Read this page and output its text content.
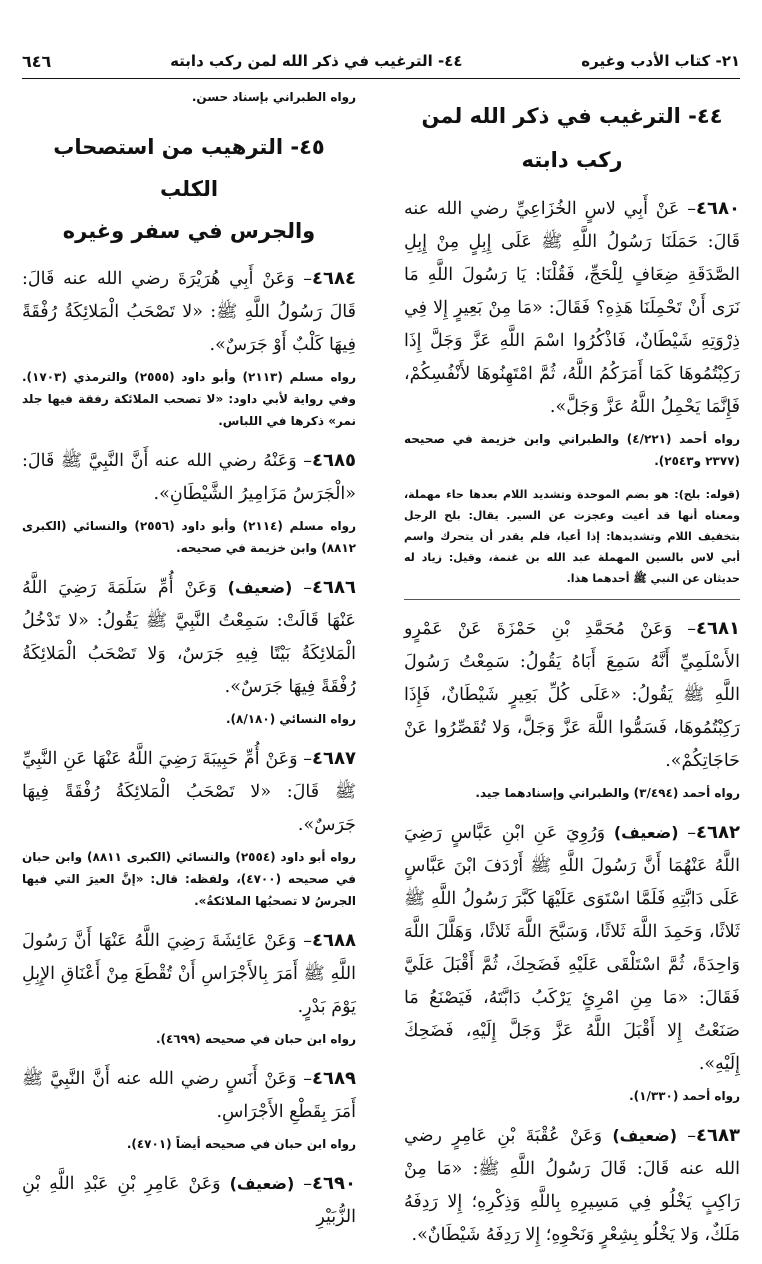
٢١- كتاب الأدب وغيره
٤٤- الترغيب في ذكر الله لمن ركب دابته
٦٤٦
٤٤- الترغيب في ذكر الله لمن ركب دابته

٤٦٨٠– عَنْ أَبِي لاسٍ الخُزَاعِيِّ رضي الله عنه قَالَ: حَمَلَنَا رَسُولُ اللَّهِ ﷺ عَلَى إِبِلٍ مِنْ إِبِلِ الصَّدَقَةِ ضِعَافٍ لِلْحَجِّ، فَقُلْنَا: يَا رَسُولَ اللَّهِ مَا نَرَى أَنْ تَحْمِلَنَا هَذِهِ؟ فَقَالَ: «مَا مِنْ بَعِيرٍ إِلا فِي ذِرْوَتِهِ شَيْطَانٌ، فَاذْكُرُوا اسْمَ اللَّهِ عَزَّ وَجَلَّ إِذَا رَكِبْتُمُوهَا كَمَا أَمَرَكُمُ اللَّهُ، ثُمَّ امْتَهِنُوهَا لأَنْفُسِكُمْ، فَإِنَّمَا يَحْمِلُ اللَّهُ عَزَّ وَجَلَّ».

رواه أحمد (٤/٢٢١) والطبراني وابن خزيمة في صحيحه (٢٣٧٧ و٢٥٤٣).

(قوله: بلح): هو بضم الموحدة وتشديد اللام بعدها حاء مهملة، ومعناه أنها قد أعيت وعجزت عن السير. يقال: بلح الرجل بتخفيف اللام وتشديدها: إذا أعيا، فلم يقدر أن يتحرك واسم أبي لاس بالسين المهملة عبد الله بن غنمة، وقيل: زياد له حديثان عن النبي ﷺ أحدهما هذا.

٤٦٨١– وَعَنْ مُحَمَّدِ بْنِ حَمْزَةَ عَنْ عَمْرٍو الأَسْلَمِيِّ أَنَّهُ سَمِعَ أَبَاهُ يَقُولُ: سَمِعْتُ رَسُولَ اللَّهِ ﷺ يَقُولُ: «عَلَى كُلِّ بَعِيرٍ شَيْطَانٌ، فَإِذَا رَكِبْتُمُوهَا، فَسَمُّوا اللَّهَ عَزَّ وَجَلَّ، وَلا تُقَصِّرُوا عَنْ حَاجَاتِكُمْ».

رواه أحمد (٣/٤٩٤) والطبراني وإسنادهما جيد.

٤٦٨٢– (ضعيف) وَرُوِيَ عَنِ ابْنِ عَبَّاسٍ رَضِيَ اللَّهُ عَنْهُمَا أَنَّ رَسُولَ اللَّهِ ﷺ أَرْدَفَ ابْنَ عَبَّاسٍ عَلَى دَابَّتِهِ فَلَمَّا اسْتَوَى عَلَيْهَا كَبَّرَ رَسُولُ اللَّهِ ﷺ ثَلاثًا، وَحَمِدَ اللَّهَ ثَلاثًا، وَسَبَّحَ اللَّهَ ثَلاثًا، وَهَلَّلَ اللَّهَ وَاحِدَةً، ثُمَّ اسْتَلْقَى عَلَيْهِ فَضَحِكَ، ثُمَّ أَقْبَلَ عَلَيَّ فَقَالَ: «مَا مِنِ امْرِئٍ يَرْكَبُ دَابَّتَهُ، فَيَصْنَعُ مَا صَنَعْتُ إِلا أَقْبَلَ اللَّهُ عَزَّ وَجَلَّ إِلَيْهِ، فَضَحِكَ إِلَيْهِ».

رواه أحمد (١/٣٣٠).

٤٦٨٣– (ضعيف) وَعَنْ عُقْبَةَ بْنِ عَامِرٍ رضي الله عنه قَالَ: قَالَ رَسُولُ اللَّهِ ﷺ: «مَا مِنْ رَاكِبٍ يَخْلُو فِي مَسِيرِهِ بِاللَّهِ وَذِكْرِهِ؛ إِلا رَدِفَهُ مَلَكٌ، وَلا يَخْلُو بِشِعْرٍ وَنَحْوِهِ؛ إِلا رَدِفَهُ شَيْطَانٌ».

رواه الطبراني بإسناد حسن.

٤٥- الترهيب من استصحاب الكلب
والجرس في سفر وغيره

٤٦٨٤– وَعَنْ أَبِي هُرَيْرَةَ رضي الله عنه قَالَ: قَالَ رَسُولُ اللَّهِ ﷺ: «لا تَصْحَبُ الْمَلائِكَةُ رُفْقَةً فِيهَا كَلْبٌ أَوْ جَرَسٌ».

رواه مسلم (٢١١٣) وأبو داود (٢٥٥٥) والترمذي (١٧٠٣). وفي رواية لأبي داود: «لا تصحب الملائكة رفقة فيها جلد نمر» ذكرها في اللباس.

٤٦٨٥– وَعَنْهُ رضي الله عنه أَنَّ النَّبِيَّ ﷺ قَالَ: «الْجَرَسُ مَزَامِيرُ الشَّيْطَانِ».

رواه مسلم (٢١١٤) وأبو داود (٢٥٥٦) والنسائي (الكبرى ٨٨١٢) وابن خزيمة في صحيحه.

٤٦٨٦– (ضعيف) وَعَنْ أُمِّ سَلَمَةَ رَضِيَ اللَّهُ عَنْهَا قَالَتْ: سَمِعْتُ النَّبِيَّ ﷺ يَقُولُ: «لا تَدْخُلُ الْمَلائِكَةُ بَيْتًا فِيهِ جَرَسٌ، وَلا تَصْحَبُ الْمَلائِكَةُ رُفْقَةً فِيهَا جَرَسٌ».

رواه النسائي (٨/١٨٠).

٤٦٨٧– وَعَنْ أُمِّ حَبِيبَةَ رَضِيَ اللَّهُ عَنْهَا عَنِ النَّبِيِّ ﷺ قَالَ: «لا تَصْحَبُ الْمَلائِكَةُ رُفْقَةً فِيهَا جَرَسٌ».

رواه أبو داود (٢٥٥٤) والنسائي (الكبرى ٨٨١١) وابن حبان في صحيحه (٤٧٠٠)، ولفظه: قال: «إنَّ العيرَ التي فيها الجرسُ لا تصحبُها الملائكةُ».

٤٦٨٨– وَعَنْ عَائِشَةَ رَضِيَ اللَّهُ عَنْهَا أَنَّ رَسُولَ اللَّهِ ﷺ أَمَرَ بِالأَجْرَاسِ أَنْ تُقْطَعَ مِنْ أَعْنَاقِ الإِبِلِ يَوْمَ بَدْرٍ.

رواه ابن حبان في صحيحه (٤٦٩٩).

٤٦٨٩– وَعَنْ أَنَسٍ رضي الله عنه أَنَّ النَّبِيَّ ﷺ أَمَرَ بِقَطْعِ الأَجْرَاسِ.

رواه ابن حبان في صحيحه أيضاً (٤٧٠١).

٤٦٩٠– (ضعيف) وَعَنْ عَامِرِ بْنِ عَبْدِ اللَّهِ بْنِ الزُّبَيْرِ
